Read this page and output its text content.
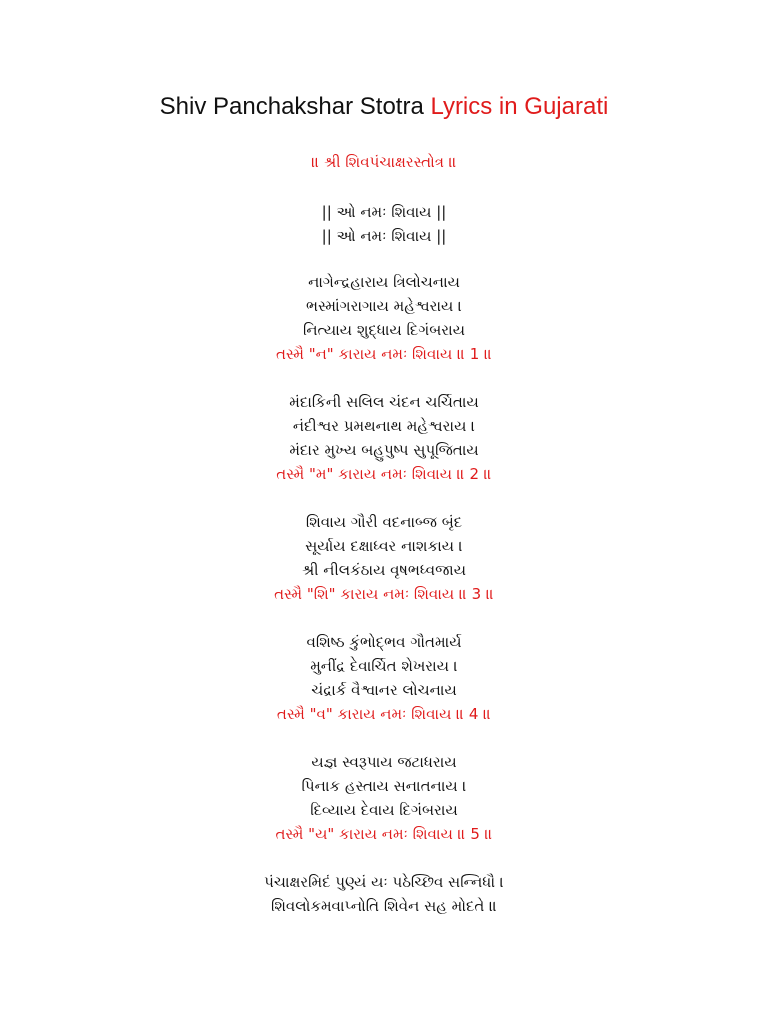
Shiv Panchakshar Stotra Lyrics in Gujarati
॥ શ્રી શિવપંચાક્ષરસ્તોત્ર ॥
|| ઓ નમઃ શિવાય ||
|| ઓ નમઃ શિવાય ||
નાગેન્દ્રહારાય ત્રિલોચનાય
ભસ્માંગરાગાય મહેશ્વરાય ।
નિત્યાય શુદ્ધાય દિગંબરાય
તસ્મૈ "ન" કારાય નમઃ શિવાય ॥ 1 ॥
મંદાકિની સલિલ ચંદન ચર્ચિતાય
નંદીશ્વર પ્રમથનાથ મહેશ્વરાય ।
મંદાર મુખ્ય બહુપુષ્પ સુપૂજિતાય
તસ્મૈ "મ" કારાય નમઃ શિવાય ॥ 2 ॥
શિવાય ગૌરી વદનાબ્જ બૃંદ
સૂર્યાય દક્ષાધ્વર નાશકાય ।
શ્રી નીલકંઠાય વૃષભધ્વજાય
તસ્મૈ "શિ" કારાય નમઃ શિવાય ॥ 3 ॥
વશિષ્ઠ કુંભોદ્ભવ ગૌતમાર્ય
મુનીંદ્ર દેવાર્ચિત શેખરાય ।
ચંદ્રાર્ક વૈશ્વાનર લોચનાય
તસ્મૈ "વ" કારાય નમઃ શિવાય ॥ 4 ॥
યજ્ઞ સ્વરૂપાય જટાધરાય
પિનાક હસ્તાય સનાતનાય ।
દિવ્યાય દેવાય દિગંબરાય
તસ્મૈ "ય" કારાય નમઃ શિવાય ॥ 5 ॥
પંચાક્ષરમિદં પુણ્યં યઃ પઠેચ્છિવ સન્નિધૌ ।
શિવલોકમવાપ્નોતિ શિવેન સહ મોદતે ॥
